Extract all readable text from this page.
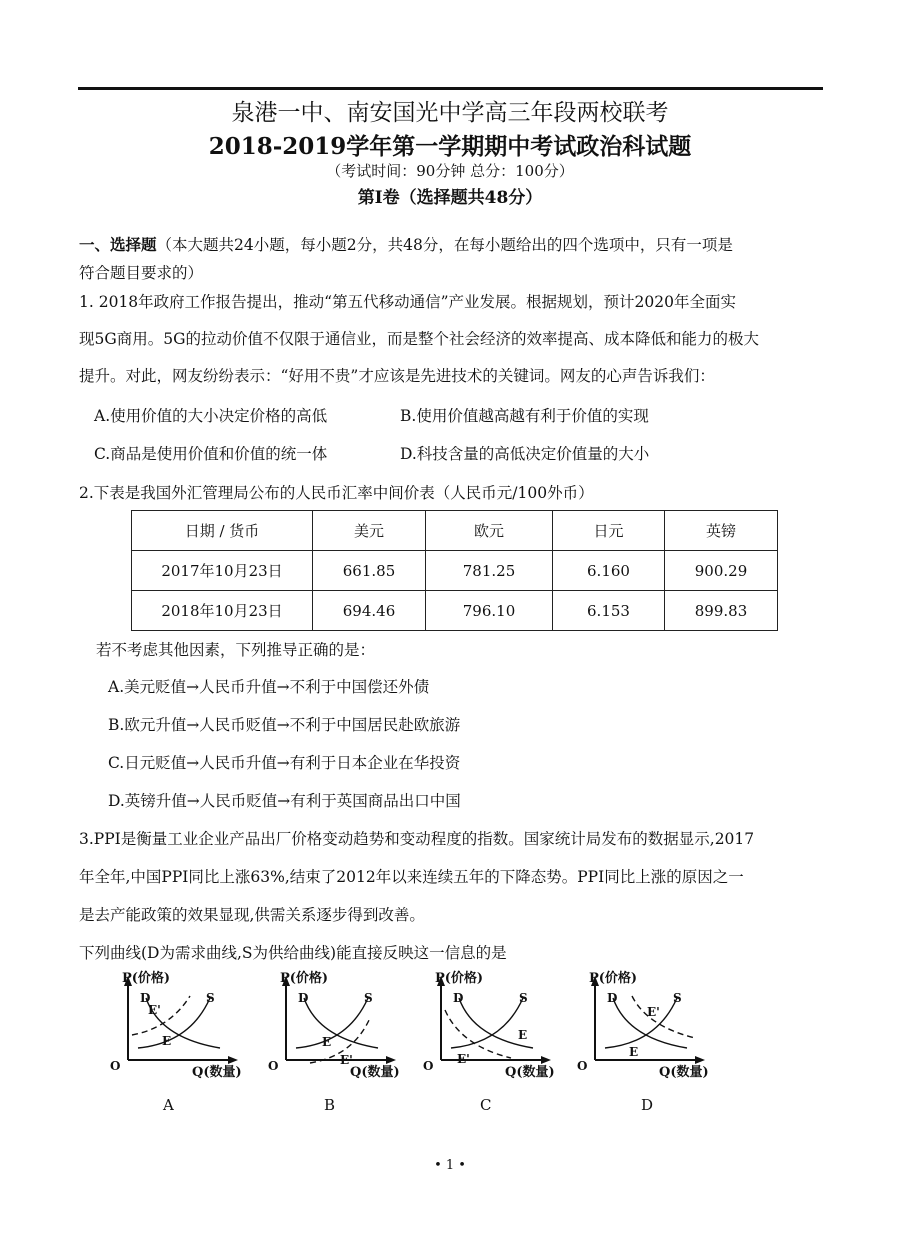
泉港一中、南安国光中学高三年段两校联考
2018-2019学年第一学期期中考试政治科试题
（考试时间：90分钟 总分：100分）
第Ⅰ卷（选择题共48分）
一、选择题（本大题共24小题，每小题2分，共48分，在每小题给出的四个选项中，只有一项是
符合题目要求的）
1. 2018年政府工作报告提出，推动“第五代移动通信”产业发展。根据规划，预计2020年全面实
现5G商用。5G的拉动价值不仅限于通信业，而是整个社会经济的效率提高、成本降低和能力的极大
提升。对此，网友纷纷表示：“好用不贵”才应该是先进技术的关键词。网友的心声告诉我们：
A.使用价值的大小决定价格的高低	B.使用价值越高越有利于价值的实现
C.商品是使用价值和价值的统一体	D.科技含量的高低决定价值量的大小
2.下表是我国外汇管理局公布的人民币汇率中间价表（人民币元/100外币）
日期 / 货币	美元	欧元	日元	英镑
2017年10月23日	661.85	781.25	6.160	900.29
2018年10月23日	694.46	796.10	6.153	899.83
若不考虑其他因素，下列推导正确的是：
A.美元贬值→人民币升值→不利于中国偿还外债
B.欧元升值→人民币贬值→不利于中国居民赴欧旅游
C.日元贬值→人民币升值→有利于日本企业在华投资
D.英镑升值→人民币贬值→有利于英国商品出口中国
3.PPI是衡量工业企业产品出厂价格变动趋势和变动程度的指数。国家统计局发布的数据显示,2017
年全年,中国PPI同比上涨63%,结束了2012年以来连续五年的下降态势。PPI同比上涨的原因之一
是去产能政策的效果显现,供需关系逐步得到改善。
下列曲线(D为需求曲线,S为供给曲线)能直接反映这一信息的是
P(价格)
O	Q(数量)
D	S
E
E'
P(价格)
O	Q(数量)
D	S
E
E'
P(价格)
O	Q(数量)
D	S
E
E'
P(价格)
O	Q(数量)
D	S
E
E'
A	B	C	D
• 1 •
